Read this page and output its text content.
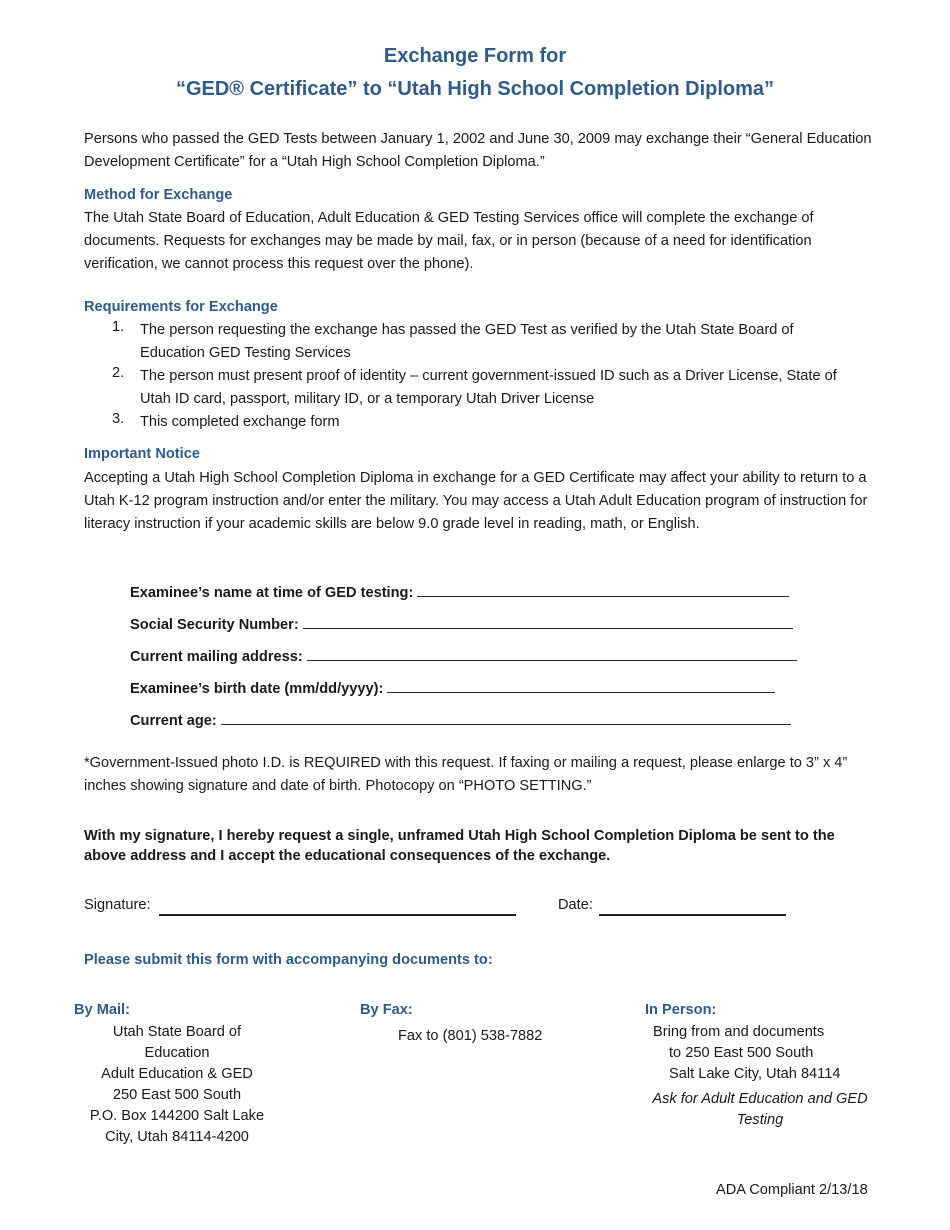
Exchange Form for
“GED® Certificate” to “Utah High School Completion Diploma”
Persons who passed the GED Tests between January 1, 2002 and June 30, 2009 may exchange their “General Education Development Certificate” for a “Utah High School Completion Diploma.”
Method for Exchange
The Utah State Board of Education, Adult Education & GED Testing Services office will complete the exchange of documents. Requests for exchanges may be made by mail, fax, or in person (because of a need for identification verification, we cannot process this request over the phone).
Requirements for Exchange
1. The person requesting the exchange has passed the GED Test as verified by the Utah State Board of Education GED Testing Services
2. The person must present proof of identity – current government-issued ID such as a Driver License, State of Utah ID card, passport, military ID, or a temporary Utah Driver License
3. This completed exchange form
Important Notice
Accepting a Utah High School Completion Diploma in exchange for a GED Certificate may affect your ability to return to a Utah K-12 program instruction and/or enter the military. You may access a Utah Adult Education program of instruction for literacy instruction if your academic skills are below 9.0 grade level in reading, math, or English.
Examinee’s name at time of GED testing:
Social Security Number:
Current mailing address:
Examinee’s birth date (mm/dd/yyyy):
Current age:
*Government-Issued photo I.D. is REQUIRED with this request. If faxing or mailing a request, please enlarge to 3” x 4” inches showing signature and date of birth. Photocopy on “PHOTO SETTING.”
With my signature, I hereby request a single, unframed Utah High School Completion Diploma be sent to the above address and I accept the educational consequences of the exchange.
Signature:	Date:
Please submit this form with accompanying documents to:
By Mail:
Utah State Board of
Education
Adult Education & GED
250 East 500 South
P.O. Box 144200 Salt Lake
City, Utah 84114-4200
By Fax:
Fax to (801) 538-7882
In Person:
Bring from and documents
to 250 East 500 South
Salt Lake City, Utah 84114
Ask for Adult Education and GED Testing
ADA Compliant 2/13/18
